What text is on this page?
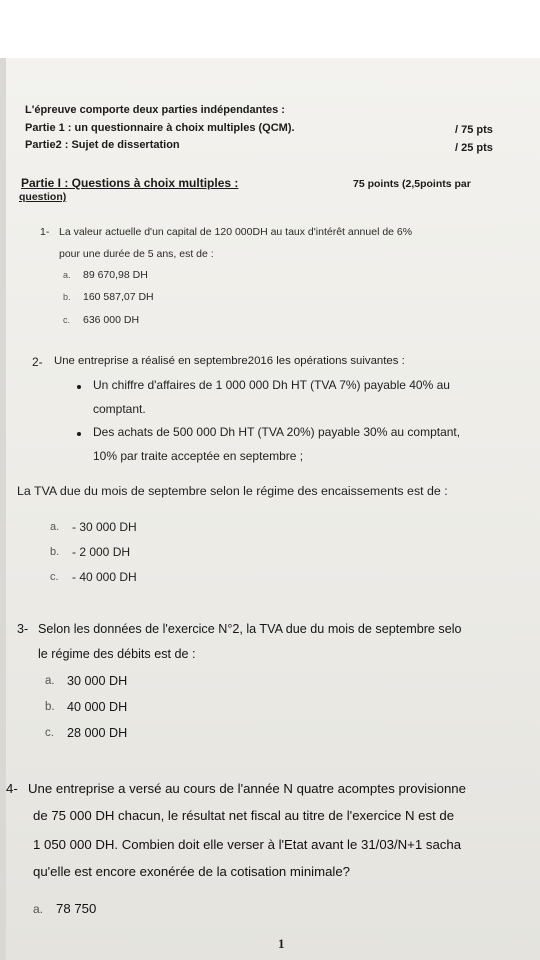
L'épreuve comporte deux parties indépendantes :
Partie 1 : un questionnaire à choix multiples (QCM).	/ 75 pts
Partie2 : Sujet de dissertation	/ 25 pts
Partie I : Questions à choix multiples :	75 points (2,5points par
question)
1- La valeur actuelle d'un capital de 120 000DH au taux d'intérêt annuel de 6%
pour une durée de 5 ans, est de :
a. 89 670,98 DH
b. 160 587,07 DH
c. 636 000 DH
2- Une entreprise a réalisé en septembre2016 les opérations suivantes :
Un chiffre d'affaires de 1 000 000 Dh HT (TVA 7%) payable 40% au
comptant.
Des achats de 500 000 Dh HT (TVA 20%) payable 30% au comptant,
10% par traite acceptée en septembre ;
La TVA due du mois de septembre selon le régime des encaissements est de :
a. - 30 000 DH
b. - 2 000 DH
c. - 40 000 DH
3- Selon les données de l'exercice N°2, la TVA due du mois de septembre selo
le régime des débits est de :
a. 30 000 DH
b. 40 000 DH
c. 28 000 DH
4- Une entreprise a versé au cours de l'année N quatre acomptes provisionne
de 75 000 DH chacun, le résultat net fiscal au titre de l'exercice N est de
1 050 000 DH. Combien doit elle verser à l'Etat avant le 31/03/N+1 sacha
qu'elle est encore exonérée de la cotisation minimale?
a. 78 750
1
